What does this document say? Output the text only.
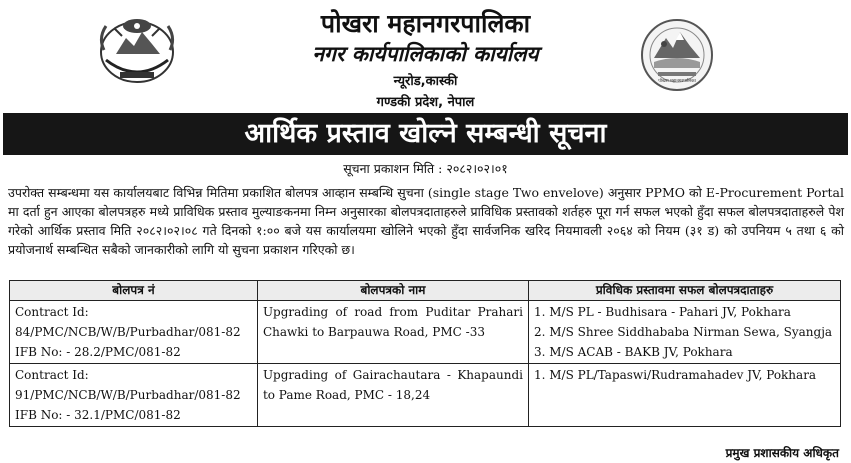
पोखरा महानगरपालिका
पोखरा महानगरपालिका
नगर कार्यपालिकाको कार्यालय
न्यूरोड,कास्की
गण्डकी प्रदेश, नेपाल
आर्थिक प्रस्ताव खोल्ने सम्बन्धी सूचना
सूचना प्रकाशन मिति : २०८२।०२।०१
उपरोक्त सम्बन्धमा यस कार्यालयबाट विभिन्न मितिमा प्रकाशित बोलपत्र आव्हान सम्बन्धि सुचना (single stage Two envelove) अनुसार PPMO को E-Procurement Portal मा दर्ता हुन आएका बोलपत्रहरु मध्ये प्राविधिक प्रस्ताव मुल्याङकनमा निम्न अनुसारका बोलपत्रदाताहरुले प्राविधिक प्रस्तावको शर्तहरु पूरा गर्न सफल भएको हुँदा सफल बोलपत्रदाताहरुले पेश गरेको आर्थिक प्रस्ताव मिति २०८२।०२।०८ गते दिनको १:०० बजे यस कार्यालयमा खोलिने भएको हुँदा सार्वजनिक खरिद नियमावली २०६४ को नियम (३१ ड) को उपनियम ५ तथा ६ को प्रयोजनार्थ सम्बन्धित सबैको जानकारीको लागि यो सुचना प्रकाशन गरिएको छ।
बोलपत्र नं	बोलपत्रको नाम	प्रविधिक प्रस्तावमा सफल बोलपत्रदाताहरु

Contract Id:
84/PMC/NCB/W/B/Purbadhar/081-82
IFB No: - 28.2/PMC/081-82	Upgrading of road from Puditar Prahari Chawki to Barpauwa Road, PMC -33	1. M/S PL - Budhisara - Pahari JV, Pokhara
2. M/S Shree Siddhababa Nirman Sewa, Syangja
3. M/S ACAB - BAKB JV, Pokhara

Contract Id:
91/PMC/NCB/W/B/Purbadhar/081-82
IFB No: - 32.1/PMC/081-82	Upgrading of Gairachautara - Khapaundi to Pame Road, PMC - 18,24	1. M/S PL/Tapaswi/Rudramahadev JV, Pokhara
प्रमुख प्रशासकीय अधिकृत
